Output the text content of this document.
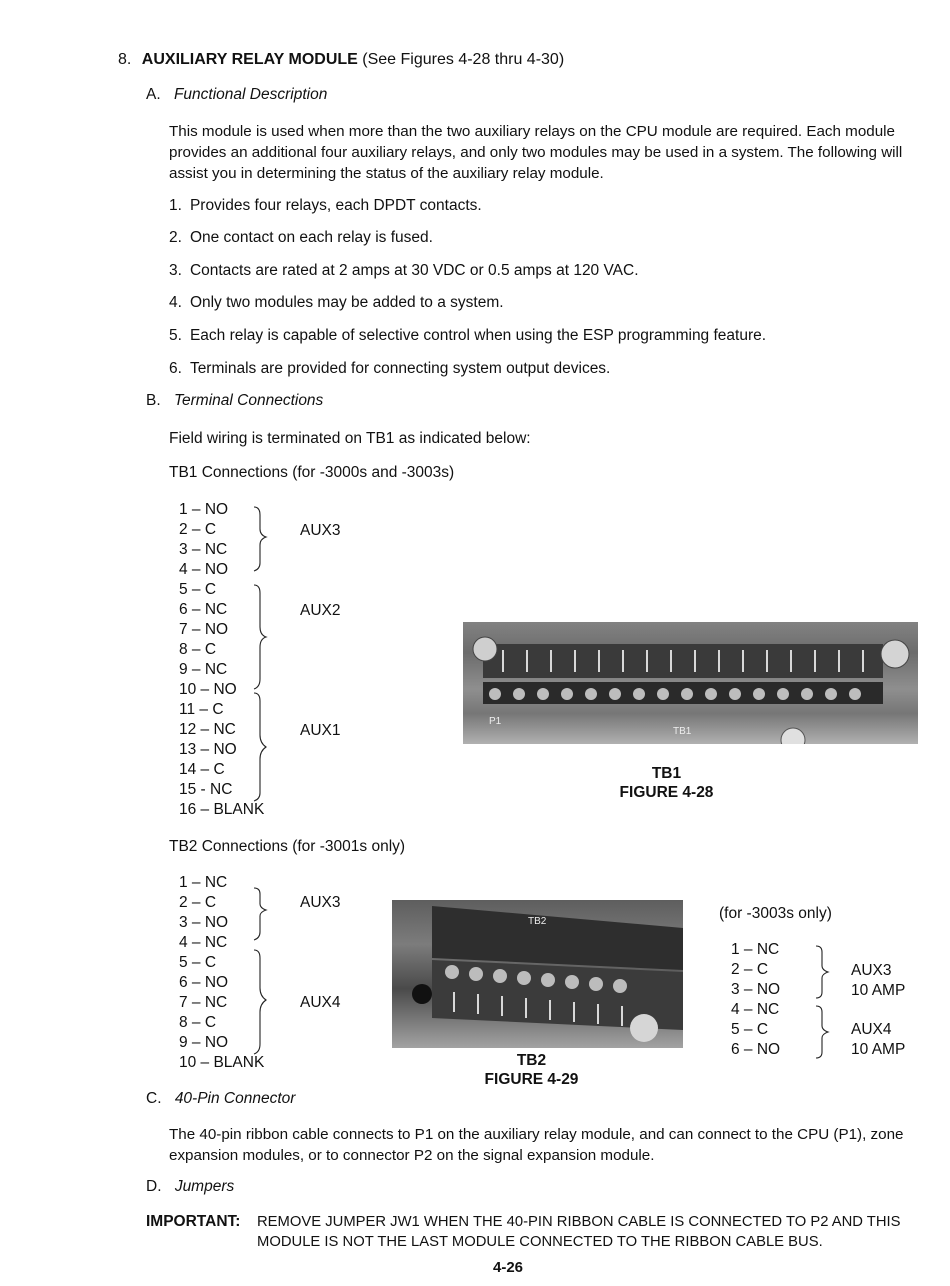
8. AUXILIARY RELAY MODULE (See Figures 4-28 thru 4-30)
A. Functional Description
This module is used when more than the two auxiliary relays on the CPU module are required. Each module provides an additional four auxiliary relays, and only two modules may be used in a system. The following will assist you in determining the status of the auxiliary relay module.
1. Provides four relays, each DPDT contacts.
2. One contact on each relay is fused.
3. Contacts are rated at 2 amps at 30 VDC or 0.5 amps at 120 VAC.
4. Only two modules may be added to a system.
5. Each relay is capable of selective control when using the ESP programming feature.
6. Terminals are provided for connecting system output devices.
B. Terminal Connections
Field wiring is terminated on TB1 as indicated below:
TB1 Connections (for -3000s and -3003s)
1 – NO
2 – C
3 – NC
4 – NO
5 – C
6 – NC
7 – NO
8 – C
9 – NC
10 – NO
11 – C
12 – NC
13 – NO
14 – C
15 - NC
16 – BLANK
AUX3
AUX2
AUX1
P1
TB1
TB1
FIGURE 4-28
TB2 Connections (for -3001s only)
1 – NC
2 – C
3 – NO
4 – NC
5 – C
6 – NO
7 – NC
8 – C
9 – NO
10 – BLANK
AUX3
AUX4
TB2
TB2
FIGURE 4-29
(for -3003s only)
1 – NC
2 – C
3 – NO
4 – NC
5 – C
6 – NO
AUX3
10 AMP
AUX4
10 AMP
C. 40-Pin Connector
The 40-pin ribbon cable connects to P1 on the auxiliary relay module, and can connect to the CPU (P1), zone expansion modules, or to connector P2 on the signal expansion module.
D. Jumpers
IMPORTANT: REMOVE JUMPER JW1 WHEN THE 40-PIN RIBBON CABLE IS CONNECTED TO P2 AND THIS MODULE IS NOT THE LAST MODULE CONNECTED TO THE RIBBON CABLE BUS.
4-26
